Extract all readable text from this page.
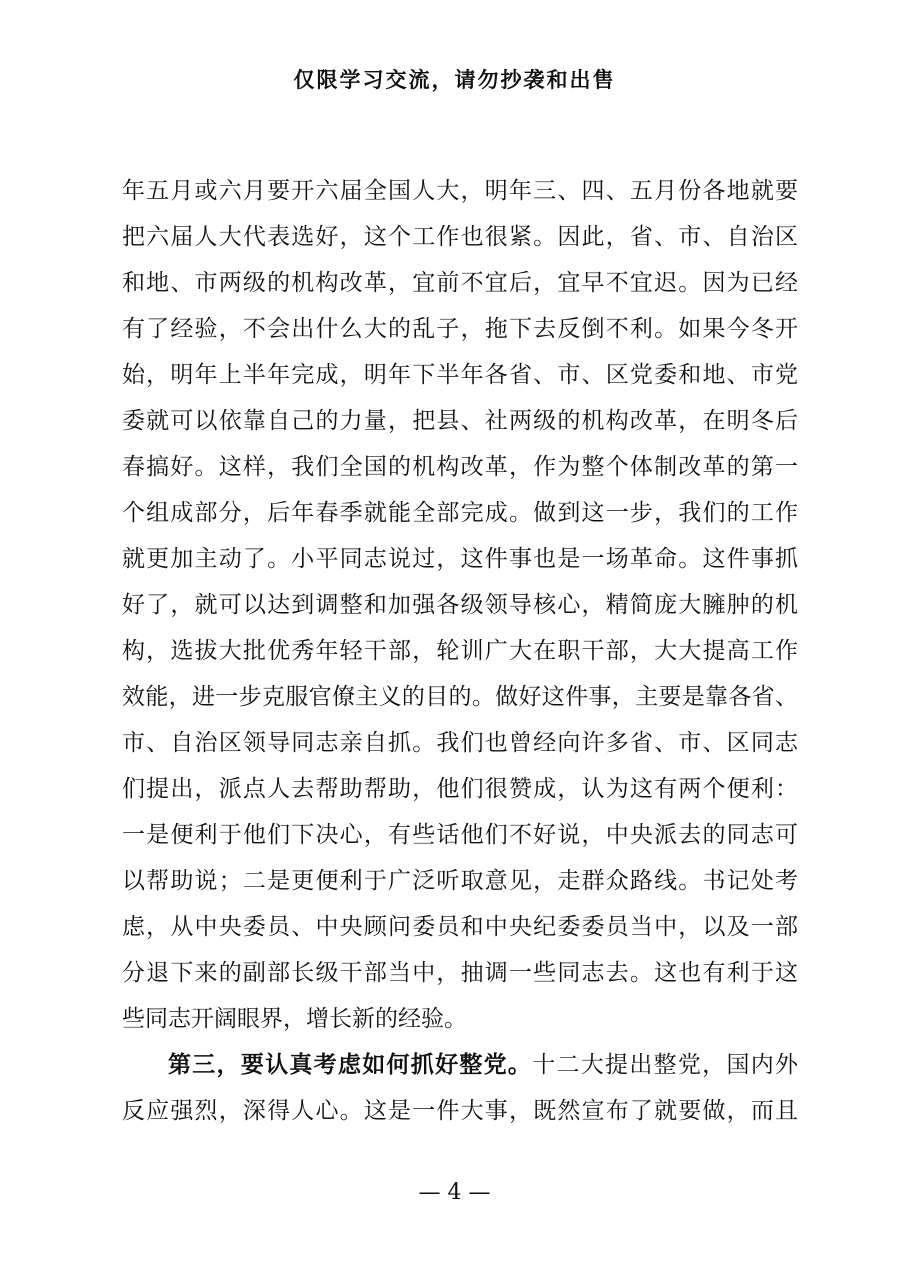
仅限学习交流，请勿抄袭和出售
年五月或六月要开六届全国人大，明年三、四、五月份各地就要
把六届人大代表选好，这个工作也很紧。因此，省、市、自治区
和地、市两级的机构改革，宜前不宜后，宜早不宜迟。因为已经
有了经验，不会出什么大的乱子，拖下去反倒不利。如果今冬开
始，明年上半年完成，明年下半年各省、市、区党委和地、市党
委就可以依靠自己的力量，把县、社两级的机构改革，在明冬后
春搞好。这样，我们全国的机构改革，作为整个体制改革的第一
个组成部分，后年春季就能全部完成。做到这一步，我们的工作
就更加主动了。小平同志说过，这件事也是一场革命。这件事抓
好了，就可以达到调整和加强各级领导核心，精简庞大臃肿的机
构，选拔大批优秀年轻干部，轮训广大在职干部，大大提高工作
效能，进一步克服官僚主义的目的。做好这件事，主要是靠各省、
市、自治区领导同志亲自抓。我们也曾经向许多省、市、区同志
们提出，派点人去帮助帮助，他们很赞成，认为这有两个便利：
一是便利于他们下决心，有些话他们不好说，中央派去的同志可
以帮助说；二是更便利于广泛听取意见，走群众路线。书记处考
虑，从中央委员、中央顾问委员和中央纪委委员当中，以及一部
分退下来的副部长级干部当中，抽调一些同志去。这也有利于这
些同志开阔眼界，增长新的经验。
第三，要认真考虑如何抓好整党。十二大提出整党，国内外
反应强烈，深得人心。这是一件大事，既然宣布了就要做，而且
— 4 —
